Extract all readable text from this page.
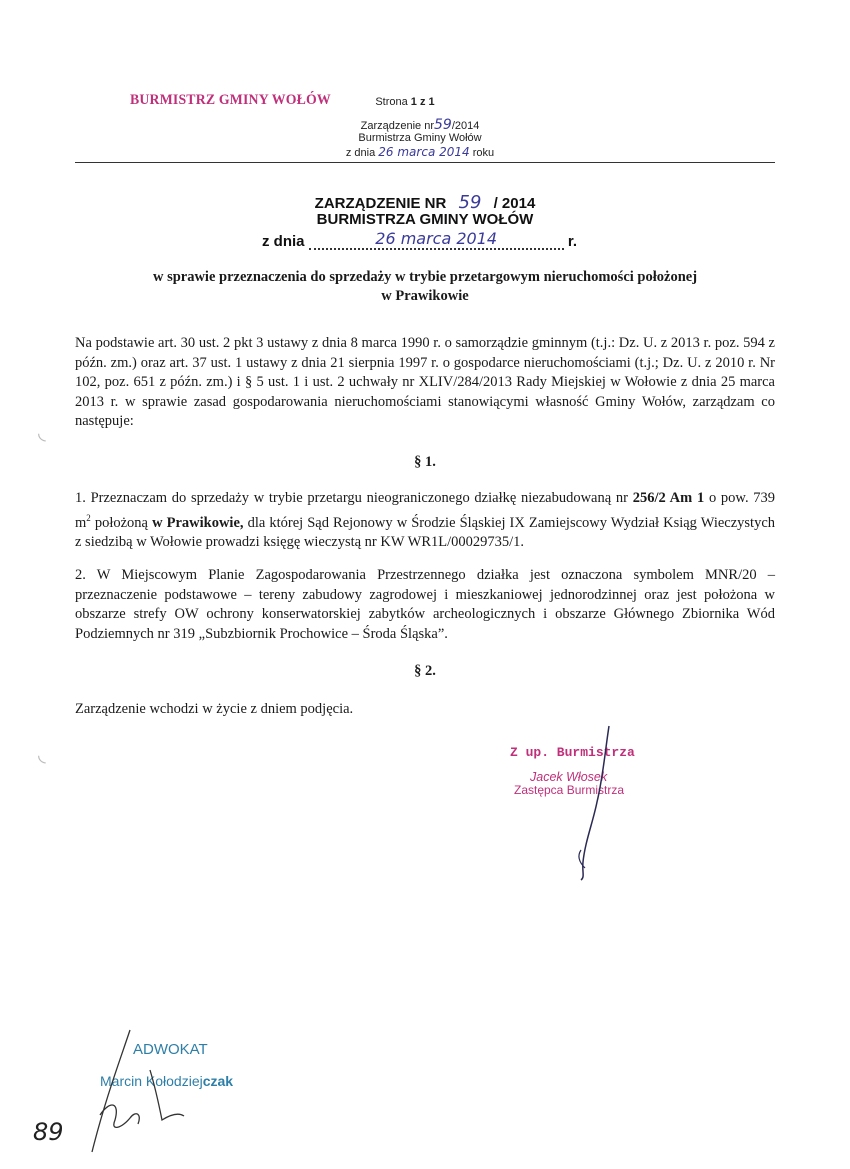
BURMISTRZ GMINY WOŁÓW	Strona 1 z 1
Zarządzenie nr59/2014
Burmistrza Gminy Wołów
z dnia 26 marca 2014 roku
ZARZĄDZENIE NR 59 / 2014
BURMISTRZA GMINY WOŁÓW
z dnia	26 marca 2014	r.
w sprawie przeznaczenia do sprzedaży w trybie przetargowym nieruchomości położonej
w Prawikowie
Na podstawie art. 30 ust. 2 pkt 3 ustawy z dnia 8 marca 1990 r. o samorządzie gminnym (t.j.: Dz. U. z 2013 r. poz. 594 z późn. zm.) oraz art. 37 ust. 1 ustawy z dnia 21 sierpnia 1997 r. o gospodarce nieruchomościami (t.j.; Dz. U. z 2010 r. Nr 102, poz. 651 z późn. zm.) i § 5 ust. 1 i ust. 2 uchwały nr XLIV/284/2013 Rady Miejskiej w Wołowie z dnia 25 marca 2013 r. w sprawie zasad gospodarowania nieruchomościami stanowiącymi własność Gminy Wołów, zarządzam co następuje:
§ 1.
1. Przeznaczam do sprzedaży w trybie przetargu nieograniczonego działkę niezabudowaną nr 256/2 Am 1 o pow. 739 $m^2$ położoną w Prawikowie, dla której Sąd Rejonowy w Środzie Śląskiej IX Zamiejscowy Wydział Ksiąg Wieczystych z siedzibą w Wołowie prowadzi księgę wieczystą nr KW WR1L/00029735/1.
2. W Miejscowym Planie Zagospodarowania Przestrzennego działka jest oznaczona symbolem MNR/20 – przeznaczenie podstawowe – tereny zabudowy zagrodowej i mieszkaniowej jednorodzinnej oraz jest położona w obszarze strefy OW ochrony konserwatorskiej zabytków archeologicznych i obszarze Głównego Zbiornika Wód Podziemnych nr 319 „Subzbiornik Prochowice – Środa Śląska”.
§ 2.
Zarządzenie wchodzi w życie z dniem podjęcia.
Z up. Burmistrza
Jacek Włosek
Zastępca Burmistrza
◟
◟
ADWOKAT
Marcin Kołodziejczak
89
